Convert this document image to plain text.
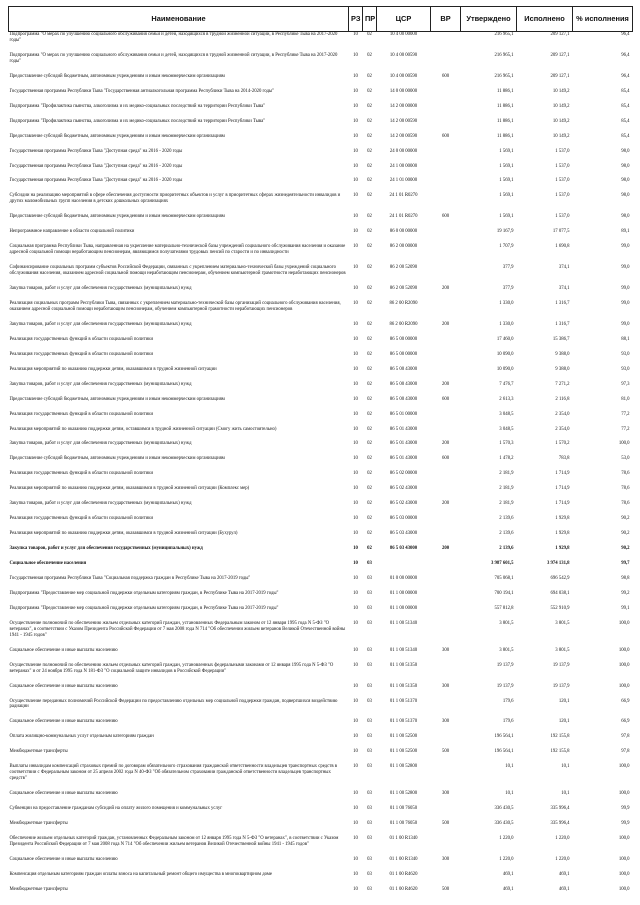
Наименование	РЗ	ПР	ЦСР	ВР	Утверждено	Исполнено	% исполнения
Подпрограмма "О мерах по улучшению социального обслуживания семьи и детей, находящихся в трудной жизненной ситуации, в Республике Тыва на 2017-2020 годы"	10	02	10 4 00 00000		216 965,1	209 127,1	96,4
Подпрограмма "О мерах по улучшению социального обслуживания семьи и детей, находящихся в трудной жизненной ситуации, в Республике Тыва на 2017-2020 годы"	10	02	10 4 00 00590		216 965,1	209 127,1	96,4
Предоставление субсидий бюджетным, автономным учреждениям и иным некоммерческим организациям	10	02	10 4 00 00590	600	216 965,1	209 127,1	96,4
Государственная программа Республики Тыва "Государственная антиалкогольная программа Республики Тыва на 2014-2020 годы"	10	02	14 0 00 00000		11 886,1	10 149,2	85,4
Подпрограмма "Профилактика пьянства, алкоголизма и их медико-социальных последствий на территории Республики Тыва"	10	02	14 2 00 00000		11 886,1	10 149,2	85,4
Подпрограмма "Профилактика пьянства, алкоголизма и их медико-социальных последствий на территории Республики Тыва"	10	02	14 2 00 00590		11 886,1	10 149,2	85,4
Предоставление субсидий бюджетным, автономным учреждениям и иным некоммерческим организациям	10	02	14 2 00 00590	600	11 886,1	10 149,2	85,4
Государственная программа Республики Тыва "Доступная среда" на 2016 - 2020 годы	10	02	24 0 00 00000		1 569,1	1 537,0	98,0
Государственная программа Республики Тыва "Доступная среда" на 2016 - 2020 годы	10	02	24 1 00 00000		1 569,1	1 537,0	98,0
Государственная программа Республики Тыва "Доступная среда" на 2016 - 2020 годы	10	02	24 1 01 00000		1 569,1	1 537,0	98,0
Субсидии на реализацию мероприятий в сфере обеспечения доступности приоритетных объектов и услуг в приоритетных сферах жизнедеятельности инвалидов и других маломобильных групп населения в детских дошкольных организациях	10	02	24 1 01 R0270		1 569,1	1 537,0	98,0
Предоставление субсидий бюджетным, автономным учреждениям и иным некоммерческим организациям	10	02	24 1 01 R0270	600	1 569,1	1 537,0	98,0
Непрограммное направление в области социальной политики	10	02	86 0 00 00000		19 167,9	17 077,5	89,1
Социальная программа Республики Тыва, направленная на укрепление материально-технической базы учреждений социального обслуживания населения и оказание адресной социальной помощи неработающим пенсионерам, являющимся получателями трудовых пенсий по старости и по инвалидности	10	02	86 2 00 00000		1 707,9	1 690,8	99,0
Софинансирование социальных программ субъектов Российской Федерации, связанных с укреплением материально-технической базы учреждений социального обслуживания населения, оказанием адресной социальной помощи неработающим пенсионерам, обучением компьютерной грамотности неработающих пенсионеров	10	02	86 2 00 52090		377,9	374,1	99,0
Закупка товаров, работ и услуг для обеспечения государственных (муниципальных) нужд	10	02	86 2 00 52090	200	377,9	374,1	99,0
Реализация социальных программ Республики Тыва, связанных с укреплением материально-технической базы организаций социального обслуживания населения, оказанием адресной социальной помощи неработающим пенсионерам, обучением компьютерной грамотности неработающих пенсионеров	10	02	86 2 00 R2090		1 330,0	1 316,7	99,0
Закупка товаров, работ и услуг для обеспечения государственных (муниципальных) нужд	10	02	86 2 00 R2090	200	1 330,0	1 316,7	99,0
Реализация государственных функций в области социальной политики	10	02	86 5 00 00000		17 460,0	15 386,7	88,1
Реализация государственных функций в области социальной политики	10	02	86 5 00 00000		10 090,0	9 388,0	93,0
Реализация мероприятий по оказанию поддержки детям, оказавшимся в трудной жизненной ситуации	10	02	86 5 00 43000		10 090,0	9 388,0	93,0
Закупка товаров, работ и услуг для обеспечения государственных (муниципальных) нужд	10	02	86 5 00 43000	200	7 476,7	7 271,2	97,3
Предоставление субсидий бюджетным, автономным учреждениям и иным некоммерческим организациям	10	02	86 5 00 43000	600	2 613,3	2 116,8	81,0
Реализация государственных функций в области социальной политики	10	02	86 5 01 00000		3 048,5	2 354,0	77,2
Реализация мероприятий по оказанию поддержки детям, оставшимся в трудной жизненной ситуации (Смогу жить самостоятельно)	10	02	86 5 01 43000		3 048,5	2 354,0	77,2
Закупка товаров, работ и услуг для обеспечения государственных (муниципальных) нужд	10	02	86 5 01 43000	200	1 570,3	1 570,2	100,0
Предоставление субсидий бюджетным, автономным учреждениям и иным некоммерческим организациям	10	02	86 5 01 43000	600	1 478,2	783,8	53,0
Реализация государственных функций в области социальной политики	10	02	86 5 02 00000		2 181,9	1 714,9	78,6
Реализация мероприятий по оказанию поддержки детям, оказавшимся в трудной жизненной ситуации (Комплекс мер)	10	02	86 5 02 43000		2 181,9	1 714,9	78,6
Закупка товаров, работ и услуг для обеспечения государственных (муниципальных) нужд	10	02	86 5 02 43000	200	2 181,9	1 714,9	78,6
Реализация государственных функций в области социальной политики	10	02	86 5 03 00000		2 139,6	1 929,8	90,2
Реализация мероприятий по оказанию поддержки детям, оказавшимся в трудной жизненной ситуации (Бухурул)	10	02	86 5 03 43000		2 139,6	1 929,8	90,2
Закупка товаров, работ и услуг для обеспечения государственных (муниципальных) нужд	10	02	86 5 03 43000	200	2 139,6	1 929,8	90,2
Социальное обеспечение населения	10	03			3 987 601,5	3 974 131,8	99,7
Государственная программа Республики Тыва "Социальная поддержка граждан в Республике Тыва на 2017-2019 годы"	10	03	01 0 00 00000		705 068,1	696 542,9	98,8
Подпрограмма "Предоставление мер социальной поддержки отдельным категориям граждан, в Республике Тыва на 2017-2019 годы"	10	03	01 1 00 00000		700 194,1	694 038,1	99,2
Подпрограмма "Предоставление мер социальной поддержки отдельным категориям граждан, в Республике Тыва на 2017-2019 годы"	10	03	01 1 00 00000		557 812,8	552 910,9	99,1
Осуществление полномочий по обеспечению жильем отдельных категорий граждан, установленных Федеральным законом от 12 января 1995 года N 5-ФЗ "О ветеранах", в соответствии с Указом Президента Российской Федерации от 7 мая 2008 года N 714 "Об обеспечении жильем ветеранов Великой Отечественной войны 1941 - 1945 годов"	10	03	01 1 00 51340		3 801,5	3 801,5	100,0
Социальное обеспечение и иные выплаты населению	10	03	01 1 00 51340	300	3 801,5	3 801,5	100,0
Осуществление полномочий по обеспечению жильем отдельных категорий граждан, установленных федеральными законами от 12 января 1995 года N 5-ФЗ "О ветеранах" и от 24 ноября 1995 года N 181-ФЗ "О социальной защите инвалидов в Российской Федерации"	10	03	01 1 00 51350		19 137,9	19 137,9	100,0
Социальное обеспечение и иные выплаты населению	10	03	01 1 00 51350	300	19 137,9	19 137,9	100,0
Осуществление переданных полномочий Российской Федерации по предоставлению отдельных мер социальной поддержки граждан, подвергшихся воздействию радиации	10	03	01 1 00 51370		179,6	120,1	66,9
Социальное обеспечение и иные выплаты населению	10	03	01 1 00 51370	300	179,6	120,1	66,9
Оплата жилищно-коммунальных услуг отдельным категориям граждан	10	03	01 1 00 52500		196 564,1	192 155,8	97,8
Межбюджетные трансферты	10	03	01 1 00 52500	500	196 564,1	192 155,8	97,8
Выплаты инвалидам компенсаций страховых премий по договорам обязательного страхования гражданской ответственности владельцев транспортных средств в соответствии с Федеральным законом от 25 апреля 2002 года N 40-ФЗ "Об обязательном страховании гражданской ответственности владельцев транспортных средств"	10	03	01 1 00 52800		10,1	10,1	100,0
Социальное обеспечение и иные выплаты населению	10	03	01 1 00 52800	300	10,1	10,1	100,0
Субвенции на предоставление гражданам субсидий на оплату жилого помещения и коммунальных услуг	10	03	01 1 00 76050		336 430,5	335 996,4	99,9
Межбюджетные трансферты	10	03	01 1 00 76050	500	336 430,5	335 996,4	99,9
Обеспечение жильем отдельных категорий граждан, установленных Федеральным законом от 12 января 1995 года N 5-ФЗ "О ветеранах", в соответствии с Указом Президента Российской Федерации от 7 мая 2008 года N 714 "Об обеспечении жильем ветеранов Великой Отечественной войны 1941 - 1945 годов"	10	03	01 1 00 R1340		1 220,0	1 220,0	100,0
Социальное обеспечение и иные выплаты населению	10	03	01 1 00 R1340	300	1 220,0	1 220,0	100,0
Компенсация отдельным категориям граждан оплаты взноса на капитальный ремонт общего имущества в многоквартирном доме	10	03	01 1 00 R4620		469,1	469,1	100,0
Межбюджетные трансферты	10	03	01 1 00 R4620	500	469,1	469,1	100,0
